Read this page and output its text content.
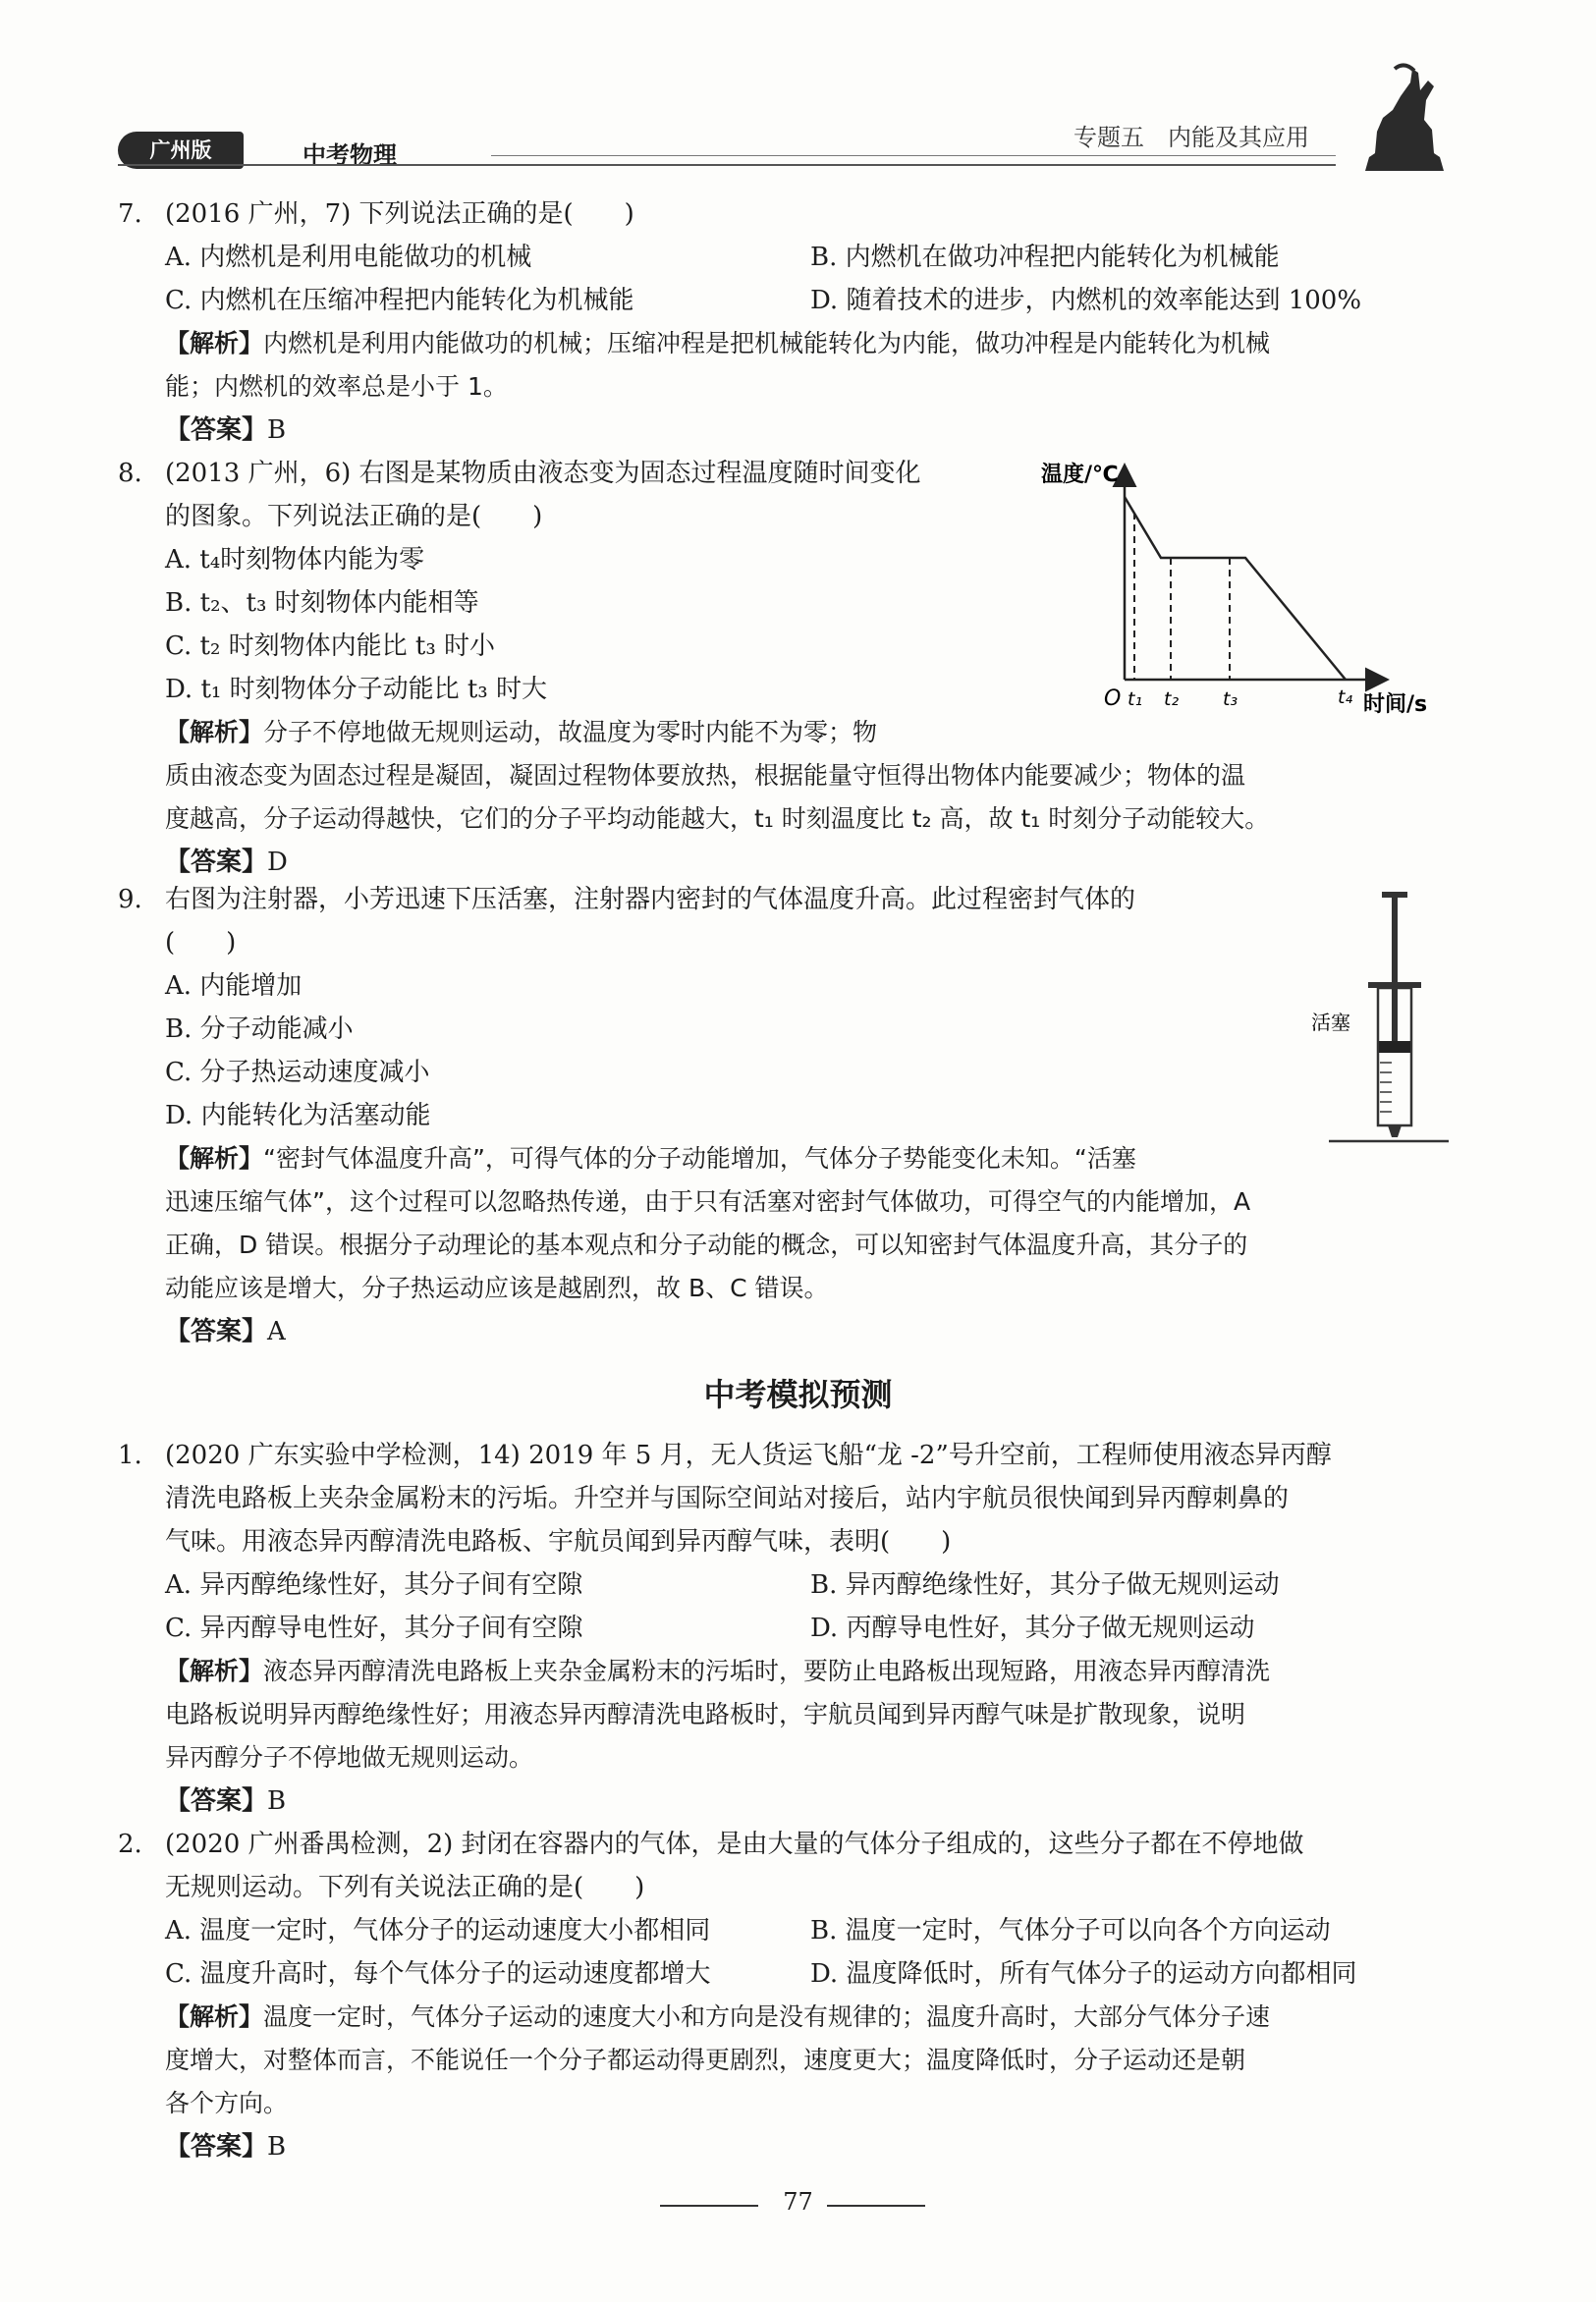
广州版	中考物理
专题五　内能及其应用
7. (2016 广州，7) 下列说法正确的是(　　)
A. 内燃机是利用电能做功的机械	B. 内燃机在做功冲程把内能转化为机械能
C. 内燃机在压缩冲程把内能转化为机械能	D. 随着技术的进步，内燃机的效率能达到 100%
【解析】内燃机是利用内能做功的机械；压缩冲程是把机械能转化为内能，做功冲程是内能转化为机械
能；内燃机的效率总是小于 1。
【答案】B
8. (2013 广州，6) 右图是某物质由液态变为固态过程温度随时间变化
的图象。下列说法正确的是(　　)
A. t₄时刻物体内能为零
B. t₂、t₃ 时刻物体内能相等
C. t₂ 时刻物体内能比 t₃ 时小
D. t₁ 时刻物体分子动能比 t₃ 时大
【解析】分子不停地做无规则运动，故温度为零时内能不为零；物
质由液态变为固态过程是凝固，凝固过程物体要放热，根据能量守恒得出物体内能要减少；物体的温
度越高，分子运动得越快，它们的分子平均动能越大，t₁ 时刻温度比 t₂ 高，故 t₁ 时刻分子动能较大。
【答案】D
温度/℃
时间/s
O t₁ t₂ t₃	t₄
9. 右图为注射器，小芳迅速下压活塞，注射器内密封的气体温度升高。此过程密封气体的
(　　)
A. 内能增加
B. 分子动能减小
C. 分子热运动速度减小
D. 内能转化为活塞动能
【解析】“密封气体温度升高”，可得气体的分子动能增加，气体分子势能变化未知。“活塞
迅速压缩气体”，这个过程可以忽略热传递，由于只有活塞对密封气体做功，可得空气的内能增加，A
正确，D 错误。根据分子动理论的基本观点和分子动能的概念，可以知密封气体温度升高，其分子的
动能应该是增大，分子热运动应该是越剧烈，故 B、C 错误。
【答案】A
活塞
中考模拟预测
1. (2020 广东实验中学检测，14) 2019 年 5 月，无人货运飞船“龙 -2”号升空前，工程师使用液态异丙醇
清洗电路板上夹杂金属粉末的污垢。升空并与国际空间站对接后，站内宇航员很快闻到异丙醇刺鼻的
气味。用液态异丙醇清洗电路板、宇航员闻到异丙醇气味，表明(　　)
A. 异丙醇绝缘性好，其分子间有空隙	B. 异丙醇绝缘性好，其分子做无规则运动
C. 异丙醇导电性好，其分子间有空隙	D. 丙醇导电性好，其分子做无规则运动
【解析】液态异丙醇清洗电路板上夹杂金属粉末的污垢时，要防止电路板出现短路，用液态异丙醇清洗
电路板说明异丙醇绝缘性好；用液态异丙醇清洗电路板时，宇航员闻到异丙醇气味是扩散现象，说明
异丙醇分子不停地做无规则运动。
【答案】B
2. (2020 广州番禺检测，2) 封闭在容器内的气体，是由大量的气体分子组成的，这些分子都在不停地做
无规则运动。下列有关说法正确的是(　　)
A. 温度一定时，气体分子的运动速度大小都相同	B. 温度一定时，气体分子可以向各个方向运动
C. 温度升高时，每个气体分子的运动速度都增大	D. 温度降低时，所有气体分子的运动方向都相同
【解析】温度一定时，气体分子运动的速度大小和方向是没有规律的；温度升高时，大部分气体分子速
度增大，对整体而言，不能说任一个分子都运动得更剧烈，速度更大；温度降低时，分子运动还是朝
各个方向。
【答案】B
77
